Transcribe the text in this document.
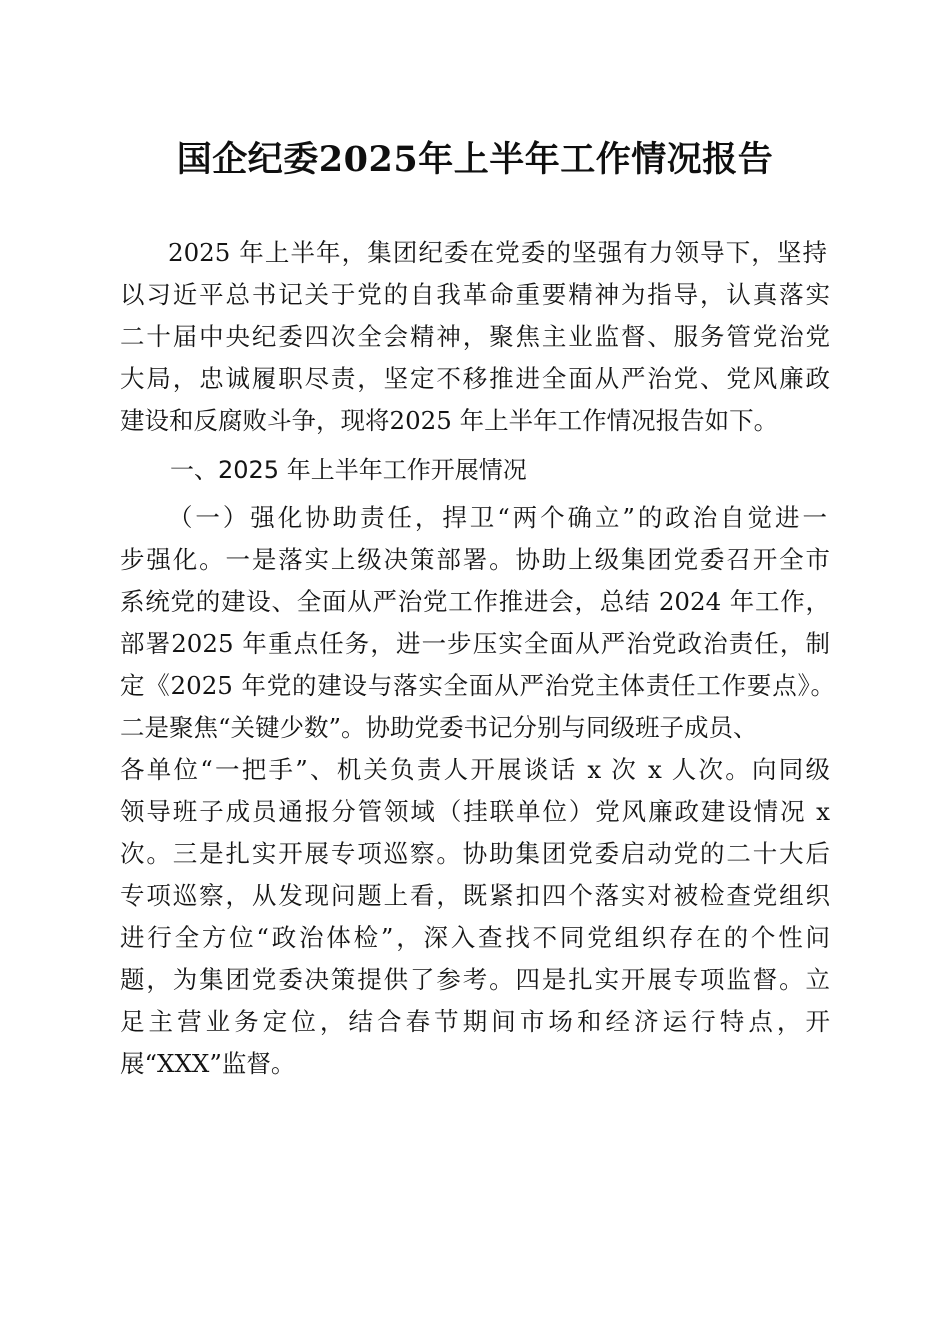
国企纪委2025年上半年工作情况报告
2025 年上半年，集团纪委在党委的坚强有力领导下，坚持
以习近平总书记关于党的自我革命重要精神为指导，认真落实
二十届中央纪委四次全会精神，聚焦主业监督、服务管党治党
大局，忠诚履职尽责，坚定不移推进全面从严治党、党风廉政
建设和反腐败斗争，现将2025 年上半年工作情况报告如下。
一、2025 年上半年工作开展情况
（一）强化协助责任，捍卫“两个确立”的政治自觉进一
步强化。一是落实上级决策部署。协助上级集团党委召开全市
系统党的建设、全面从严治党工作推进会，总结 2024 年工作，
部署2025 年重点任务，进一步压实全面从严治党政治责任，制
定《2025 年党的建设与落实全面从严治党主体责任工作要点》。
二是聚焦“关键少数”。协助党委书记分别与同级班子成员、
各单位“一把手”、机关负责人开展谈话 x 次 x 人次。向同级
领导班子成员通报分管领域（挂联单位）党风廉政建设情况 x
次。三是扎实开展专项巡察。协助集团党委启动党的二十大后
专项巡察，从发现问题上看，既紧扣四个落实对被检查党组织
进行全方位“政治体检”，深入查找不同党组织存在的个性问
题，为集团党委决策提供了参考。四是扎实开展专项监督。立
足主营业务定位，结合春节期间市场和经济运行特点，开
展“XXX”监督。
